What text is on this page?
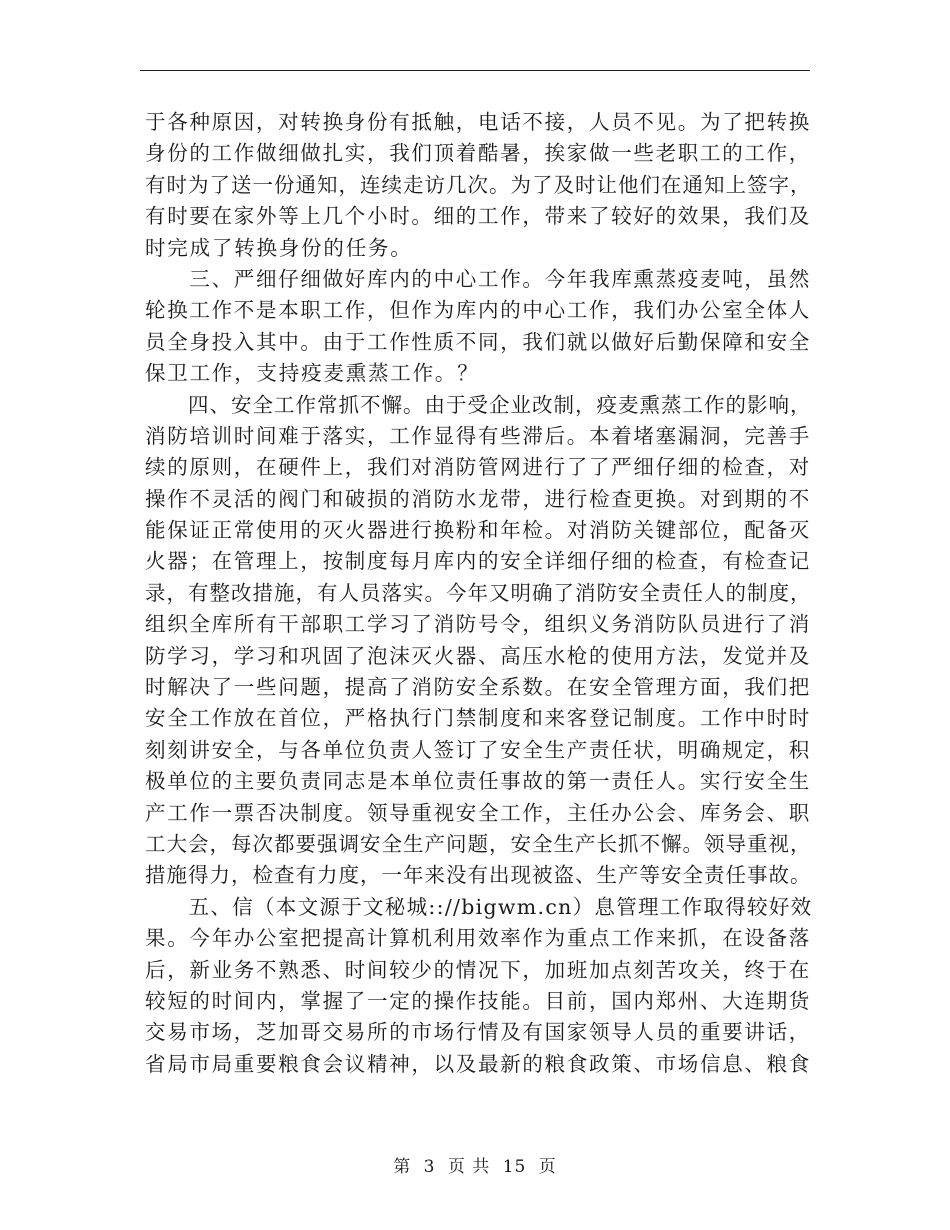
于各种原因，对转换身份有抵触，电话不接，人员不见。为了把转换
身份的工作做细做扎实，我们顶着酷暑，挨家做一些老职工的工作，
有时为了送一份通知，连续走访几次。为了及时让他们在通知上签字，
有时要在家外等上几个小时。细的工作，带来了较好的效果，我们及
时完成了转换身份的任务。
　　三、严细仔细做好库内的中心工作。今年我库熏蒸疫麦吨，虽然
轮换工作不是本职工作，但作为库内的中心工作，我们办公室全体人
员全身投入其中。由于工作性质不同，我们就以做好后勤保障和安全
保卫工作，支持疫麦熏蒸工作。？
　　四、安全工作常抓不懈。由于受企业改制，疫麦熏蒸工作的影响，
消防培训时间难于落实，工作显得有些滞后。本着堵塞漏洞，完善手
续的原则，在硬件上，我们对消防管网进行了了严细仔细的检查，对
操作不灵活的阀门和破损的消防水龙带，进行检查更换。对到期的不
能保证正常使用的灭火器进行换粉和年检。对消防关键部位，配备灭
火器；在管理上，按制度每月库内的安全详细仔细的检查，有检查记
录，有整改措施，有人员落实。今年又明确了消防安全责任人的制度，
组织全库所有干部职工学习了消防号令，组织义务消防队员进行了消
防学习，学习和巩固了泡沫灭火器、高压水枪的使用方法，发觉并及
时解决了一些问题，提高了消防安全系数。在安全管理方面，我们把
安全工作放在首位，严格执行门禁制度和来客登记制度。工作中时时
刻刻讲安全，与各单位负责人签订了安全生产责任状，明确规定，积
极单位的主要负责同志是本单位责任事故的第一责任人。实行安全生
产工作一票否决制度。领导重视安全工作，主任办公会、库务会、职
工大会，每次都要强调安全生产问题，安全生产长抓不懈。领导重视，
措施得力，检查有力度，一年来没有出现被盗、生产等安全责任事故。
　　五、信（本文源于文秘城:://bigwm.cn）息管理工作取得较好效
果。今年办公室把提高计算机利用效率作为重点工作来抓，在设备落
后，新业务不熟悉、时间较少的情况下，加班加点刻苦攻关，终于在
较短的时间内，掌握了一定的操作技能。目前，国内郑州、大连期货
交易市场，芝加哥交易所的市场行情及有国家领导人员的重要讲话，
省局市局重要粮食会议精神，以及最新的粮食政策、市场信息、粮食
第 3 页 共 15 页
